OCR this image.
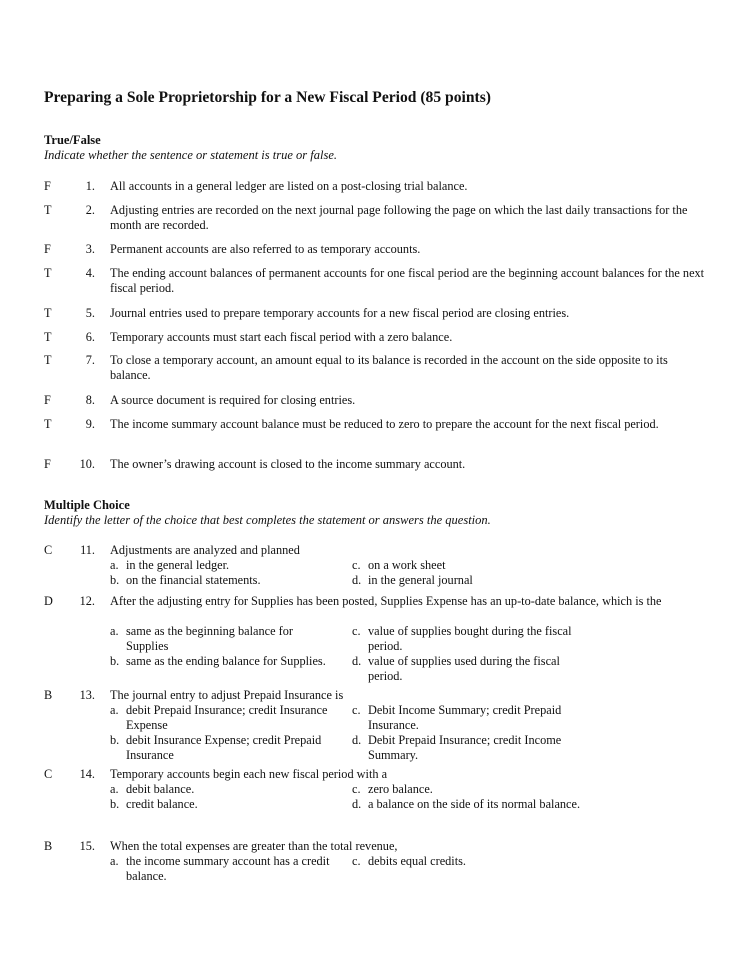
Preparing a Sole Proprietorship for a New Fiscal Period (85 points)
True/False
Indicate whether the sentence or statement is true or false.
F	1. All accounts in a general ledger are listed on a post-closing trial balance.
T	2. Adjusting entries are recorded on the next journal page following the page on which the last daily transactions for the month are recorded.
F	3. Permanent accounts are also referred to as temporary accounts.
T	4. The ending account balances of permanent accounts for one fiscal period are the beginning account balances for the next fiscal period.
T	5. Journal entries used to prepare temporary accounts for a new fiscal period are closing entries.
T	6. Temporary accounts must start each fiscal period with a zero balance.
T	7. To close a temporary account, an amount equal to its balance is recorded in the account on the side opposite to its balance.
F	8. A source document is required for closing entries.
T	9. The income summary account balance must be reduced to zero to prepare the account for the next fiscal period.
F 10. The owner’s drawing account is closed to the income summary account.
Multiple Choice
Identify the letter of the choice that best completes the statement or answers the question.
C 11. Adjustments are analyzed and planned
a. in the general ledger.	c. on a work sheet
b. on the financial statements.	d. in the general journal
D 12. After the adjusting entry for Supplies has been posted, Supplies Expense has an up-to-date balance, which is the
a. same as the beginning balance for Supplies
c. value of supplies bought during the fiscal period.
b. same as the ending balance for Supplies.	d. value of supplies used during the fiscal period.
B 13. The journal entry to adjust Prepaid Insurance is
a. debit Prepaid Insurance; credit Insurance Expense
c. Debit Income Summary; credit Prepaid Insurance.
b. debit Insurance Expense; credit Prepaid Insurance
d. Debit Prepaid Insurance; credit Income Summary.
C 14. Temporary accounts begin each new fiscal period with a
a. debit balance.	c. zero balance.
b. credit balance.	d. a balance on the side of its normal balance.
B 15. When the total expenses are greater than the total revenue,
a. the income summary account has a credit balance.
c. debits equal credits.
